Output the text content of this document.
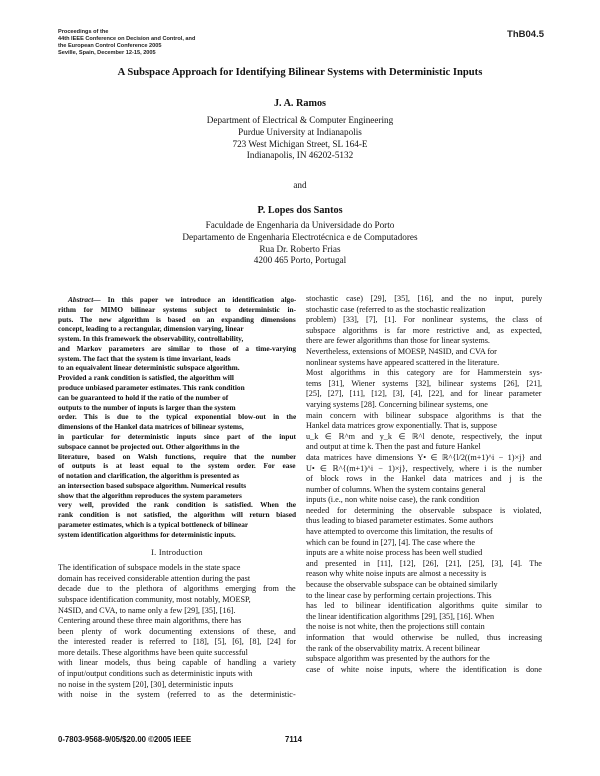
Proceedings of the
44th IEEE Conference on Decision and Control, and
the European Control Conference 2005
Seville, Spain, December 12-15, 2005
ThB04.5
A Subspace Approach for Identifying Bilinear Systems with Deterministic Inputs
J. A. Ramos
Department of Electrical & Computer Engineering
Purdue University at Indianapolis
723 West Michigan Street, SL 164-E
Indianapolis, IN 46202-5132
and
P. Lopes dos Santos
Faculdade de Engenharia da Universidade do Porto
Departamento de Engenharia Electrotécnica e de Computadores
Rua Dr. Roberto Frias
4200 465 Porto, Portugal
Abstract— In this paper we introduce an identification algo-
rithm for MIMO bilinear systems subject to deterministic in-
puts. The new algorithm is based on an expanding dimensions
concept, leading to a rectangular, dimension varying, linear
system. In this framework the observability, controllability,
and Markov parameters are similar to those of a time-varying
system. The fact that the system is time invariant, leads
to an equaivalent linear deterministic subspace algorithm.
Provided a rank condition is satisfied, the algorithm will
produce unbiased parameter estimates. This rank condition
can be guaranteed to hold if the ratio of the number of
outputs to the number of inputs is larger than the system
order. This is due to the typical exponential blow-out in the
dimensions of the Hankel data matrices of bilinear systems,
in particular for deterministic inputs since part of the input
subspace cannot be projected out. Other algorithms in the
literature, based on Walsh functions, require that the number
of outputs is at least equal to the system order. For ease
of notation and clarification, the algorithm is presented as
an intersection based subspace algorithm. Numerical results
show that the algorithm reproduces the system parameters
very well, provided the rank condition is satisfied. When the
rank condition is not satisfied, the algorithm will return biased
parameter estimates, which is a typical bottleneck of bilinear
system identification algorithms for deterministic inputs.
I. Introduction
The identification of subspace models in the state space
domain has received considerable attention during the past
decade due to the plethora of algorithms emerging from the
subspace identification community, most notably, MOESP,
N4SID, and CVA, to name only a few [29], [35], [16].
Centering around these three main algorithms, there has
been plenty of work documenting extensions of these, and
the interested reader is referred to [18], [5], [6], [8], [24] for
more details. These algorithms have been quite successful
with linear models, thus being capable of handling a variety
of input/output conditions such as deterministic inputs with
no noise in the system [20], [30], deterministic inputs
with noise in the system (referred to as the deterministic-
stochastic case) [29], [35], [16], and the no input, purely
stochastic case (referred to as the stochastic realization
problem) [33], [7], [1]. For nonlinear systems, the class of
subspace algorithms is far more restrictive and, as expected,
there are fewer algorithms than those for linear systems.
Nevertheless, extensions of MOESP, N4SID, and CVA for
nonlinear systems have appeared scattered in the literature.
Most algorithms in this category are for Hammerstein sys-
tems [31], Wiener systems [32], bilinear systems [26], [21],
[25], [27], [11], [12], [3], [4], [22], and for linear parameter
varying systems [28]. Concerning bilinear systems, one
main concern with bilinear subspace algorithms is that the
Hankel data matrices grow exponentially. That is, suppose
u_k ∈ ℝ^m and y_k ∈ ℝ^l denote, respectively, the input
and output at time k. Then the past and future Hankel
data matrices have dimensions Y• ∈ ℝ^{l/2((m+1)^i − 1)×j} and
U• ∈ ℝ^{(m+1)^i − 1)×j}, respectively, where i is the number
of block rows in the Hankel data matrices and j is the
number of columns. When the system contains general
inputs (i.e., non white noise case), the rank condition
needed for determining the observable subspace is violated,
thus leading to biased parameter estimates. Some authors
have attempted to overcome this limitation, the results of
which can be found in [27], [4]. The case where the
inputs are a white noise process has been well studied
and presented in [11], [12], [26], [21], [25], [3], [4]. The
reason why white noise inputs are almost a necessity is
because the observable subspace can be obtained similarly
to the linear case by performing certain projections. This
has led to bilinear identification algorithms quite similar to
the linear identification algorithms [29], [35], [16]. When
the noise is not white, then the projections still contain
information that would otherwise be nulled, thus increasing
the rank of the observability matrix. A recent bilinear
subspace algorithm was presented by the authors for the
case of white noise inputs, where the identification is done
0-7803-9568-9/05/$20.00 ©2005 IEEE	7114
